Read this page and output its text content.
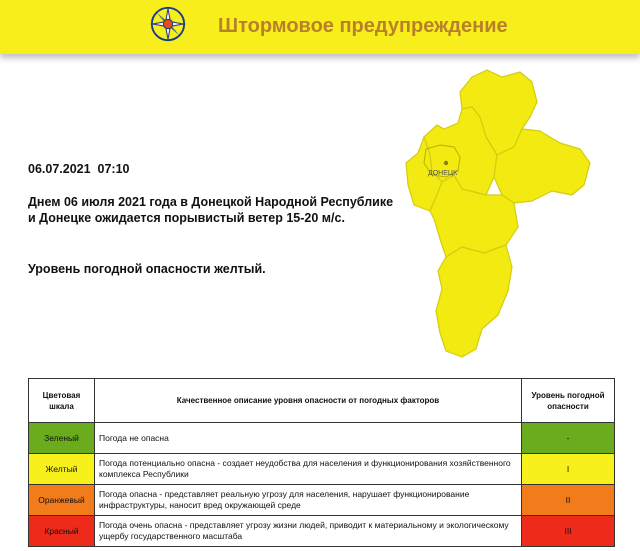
Штормовое предупреждение
ДОНЕЦК
06.07.2021 07:10
Днем 06 июля 2021 года в Донецкой Народной Республике и Донецке ожидается порывистый ветер 15-20 м/с.
Уровень погодной опасности желтый.
Цветовая шкала	Качественное описание уровня опасности от погодных факторов	Уровень погодной опасности
Зеленый	Погода не опасна	-
Желтый	Погода потенциально опасна - создает неудобства для населения и функционирования хозяйственного комплекса Республики	I
Оранжевый	Погода опасна - представляет реальную угрозу для населения, нарушает функционирование инфраструктуры, наносит вред окружающей среде	II
Красный	Погода очень опасна - представляет угрозу жизни людей, приводит к материальному и экологическому ущербу государственного масштаба	III
